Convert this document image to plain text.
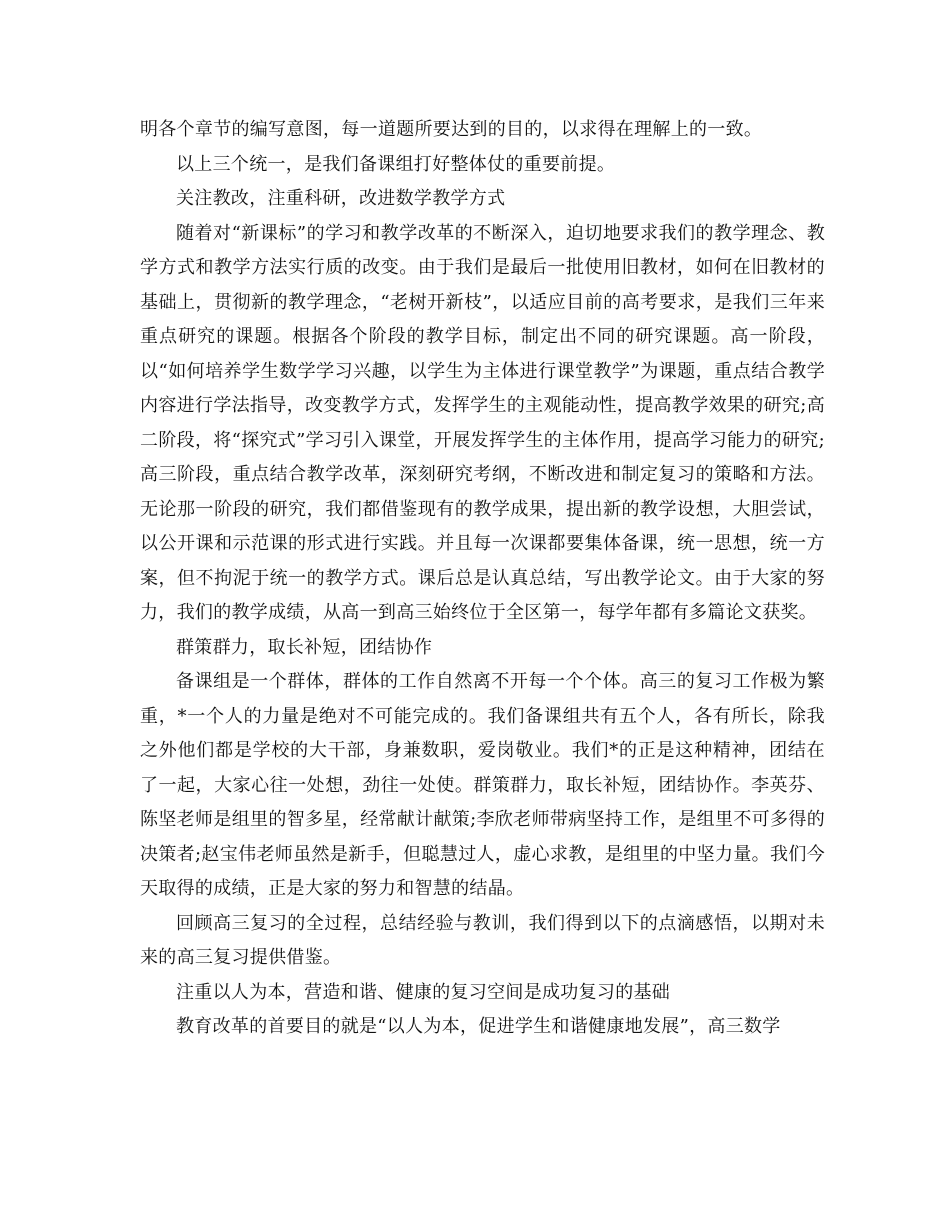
明各个章节的编写意图，每一道题所要达到的目的，以求得在理解上的一致。

以上三个统一，是我们备课组打好整体仗的重要前提。

关注教改，注重科研，改进数学教学方式

随着对“新课标”的学习和教学改革的不断深入，迫切地要求我们的教学理念、教学方式和教学方法实行质的改变。由于我们是最后一批使用旧教材，如何在旧教材的基础上，贯彻新的教学理念，“老树开新枝”，以适应目前的高考要求，是我们三年来重点研究的课题。根据各个阶段的教学目标，制定出不同的研究课题。高一阶段，以“如何培养学生数学学习兴趣，以学生为主体进行课堂教学”为课题，重点结合教学内容进行学法指导，改变教学方式，发挥学生的主观能动性，提高教学效果的研究;高二阶段，将“探究式”学习引入课堂，开展发挥学生的主体作用，提高学习能力的研究;高三阶段，重点结合教学改革，深刻研究考纲，不断改进和制定复习的策略和方法。无论那一阶段的研究，我们都借鉴现有的教学成果，提出新的教学设想，大胆尝试，以公开课和示范课的形式进行实践。并且每一次课都要集体备课，统一思想，统一方案，但不拘泥于统一的教学方式。课后总是认真总结，写出教学论文。由于大家的努力，我们的教学成绩，从高一到高三始终位于全区第一，每学年都有多篇论文获奖。

群策群力，取长补短，团结协作

备课组是一个群体，群体的工作自然离不开每一个个体。高三的复习工作极为繁重，*一个人的力量是绝对不可能完成的。我们备课组共有五个人，各有所长，除我之外他们都是学校的大干部，身兼数职，爱岗敬业。我们*的正是这种精神，团结在了一起，大家心往一处想，劲往一处使。群策群力，取长补短，团结协作。李英芬、陈坚老师是组里的智多星，经常献计献策;李欣老师带病坚持工作，是组里不可多得的决策者;赵宝伟老师虽然是新手，但聪慧过人，虚心求教，是组里的中坚力量。我们今天取得的成绩，正是大家的努力和智慧的结晶。

回顾高三复习的全过程，总结经验与教训，我们得到以下的点滴感悟，以期对未来的高三复习提供借鉴。

注重以人为本，营造和谐、健康的复习空间是成功复习的基础

教育改革的首要目的就是“以人为本，促进学生和谐健康地发展”，高三数学
